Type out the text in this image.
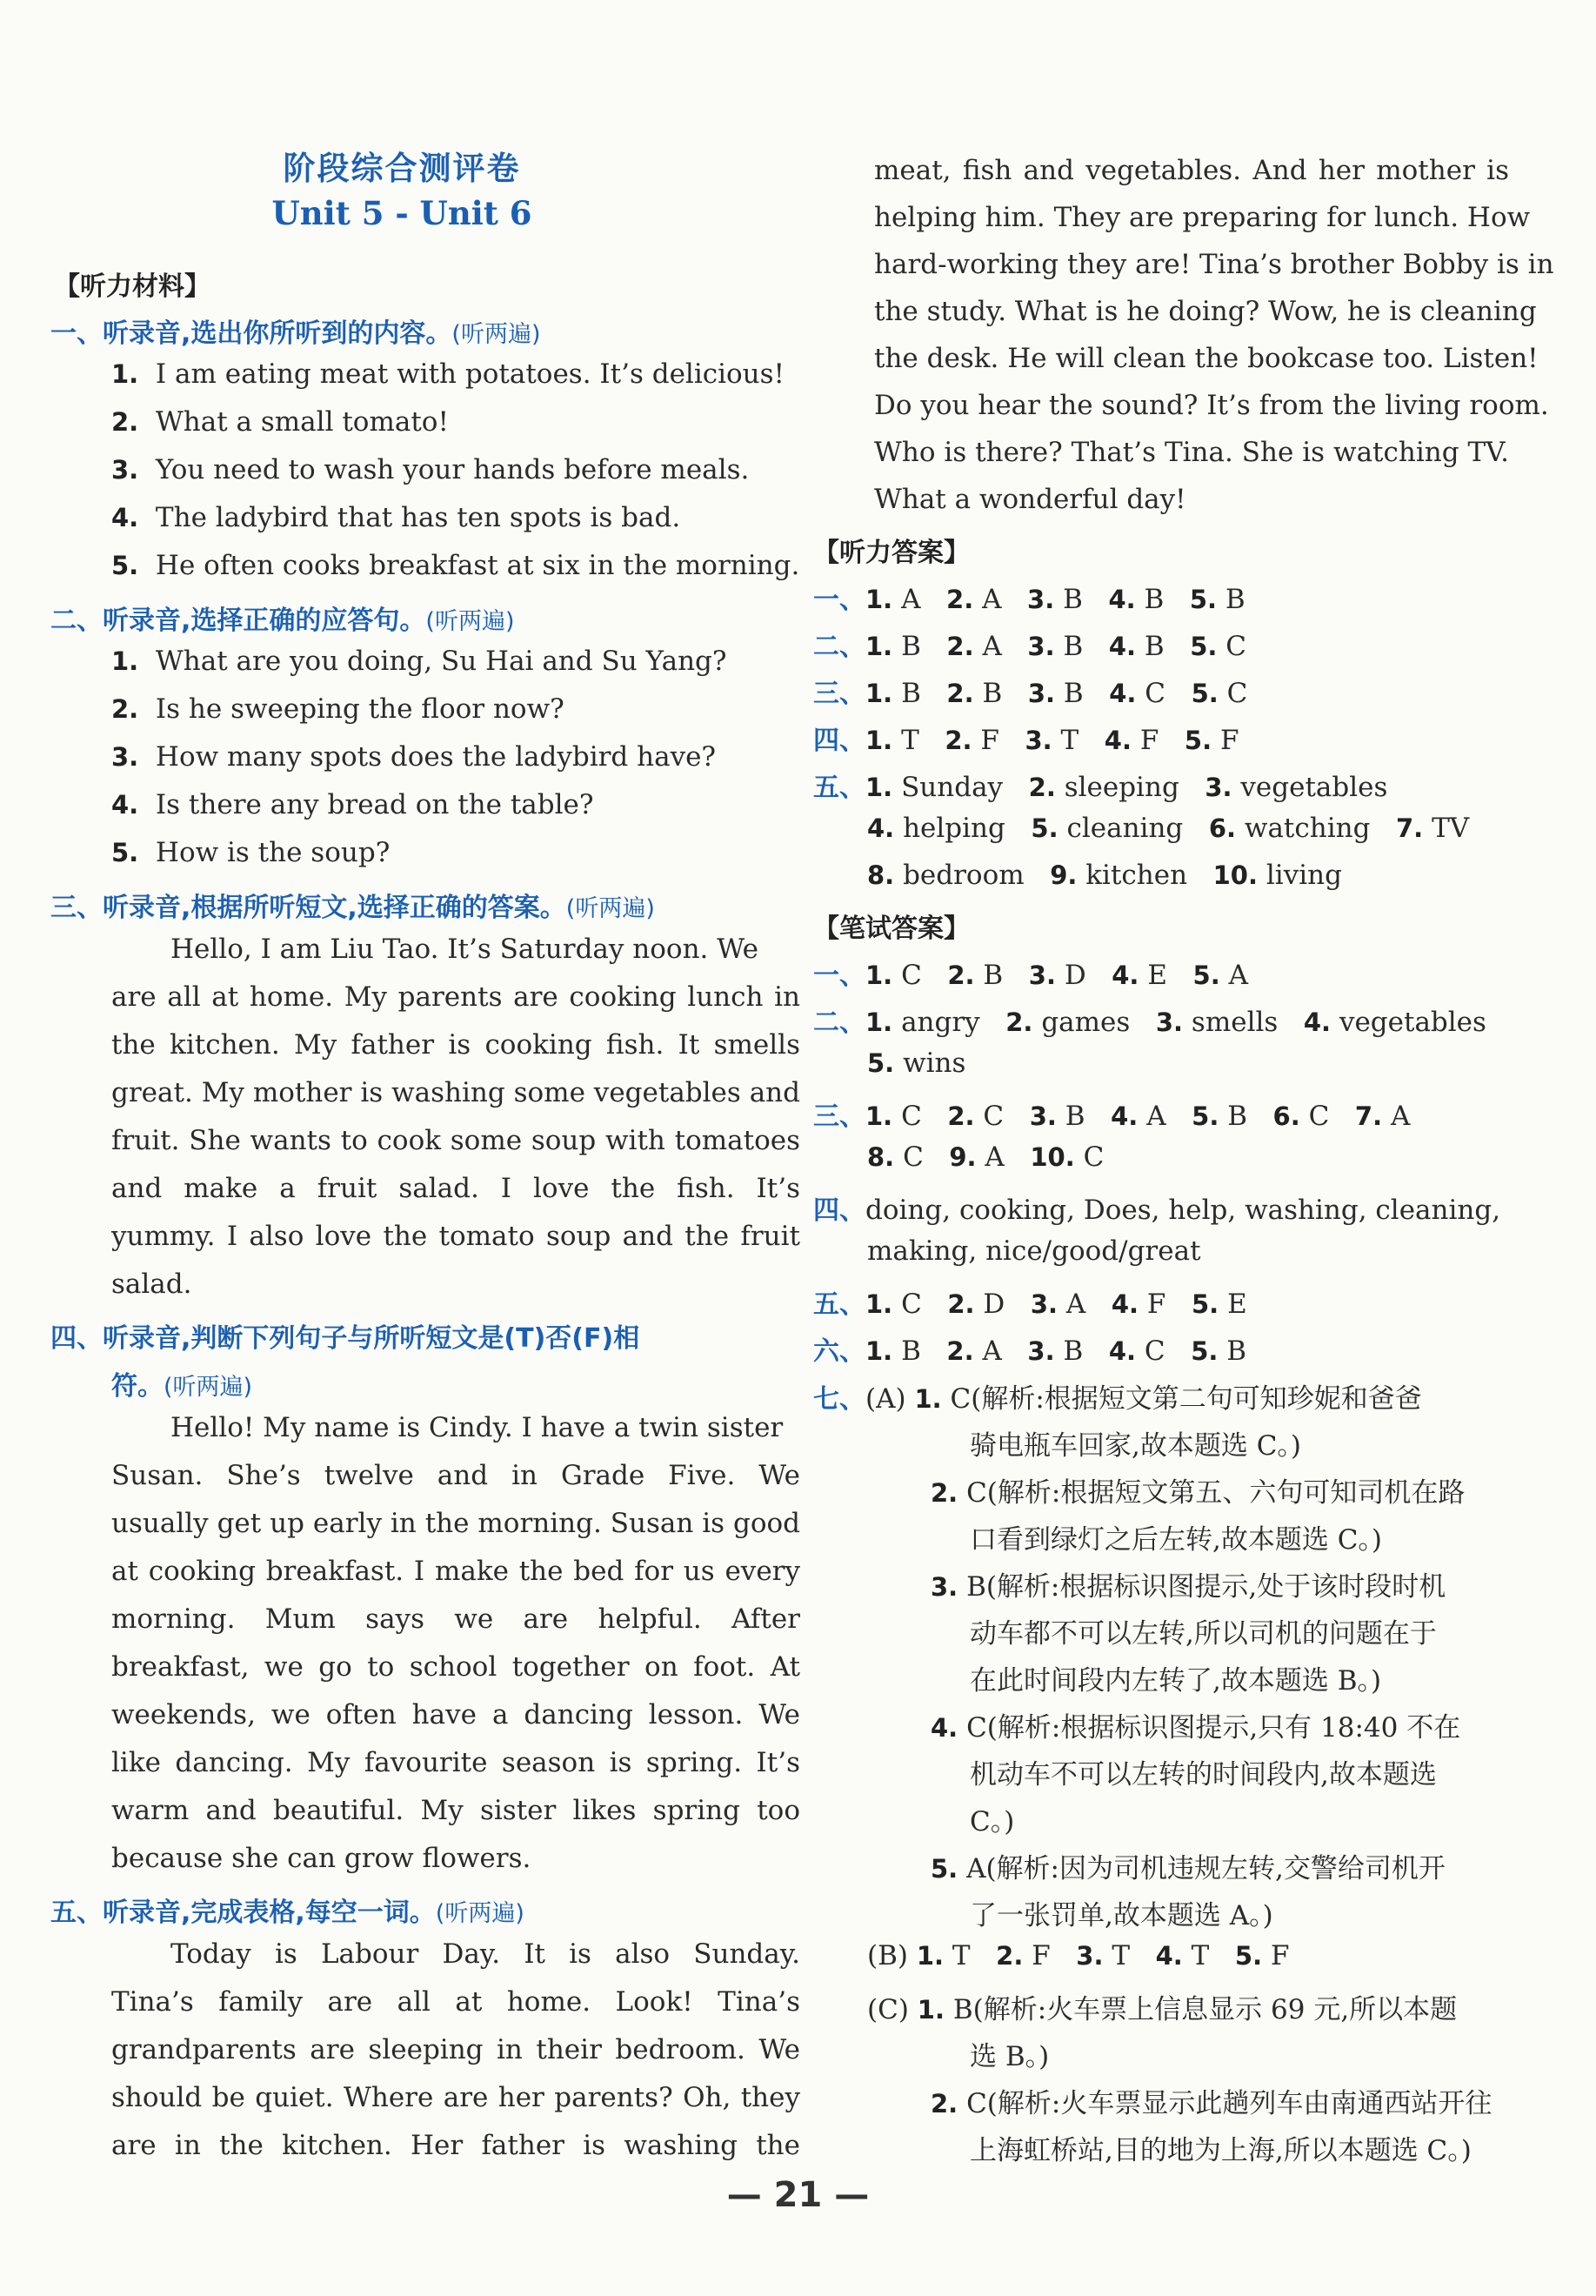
阶段综合测评卷
Unit 5 - Unit 6
【听力材料】
一、听录音,选出你所听到的内容。(听两遍)
1. I am eating meat with potatoes. It’s delicious!
2. What a small tomato!
3. You need to wash your hands before meals.
4. The ladybird that has ten spots is bad.
5. He often cooks breakfast at six in the morning.
二、听录音,选择正确的应答句。(听两遍)
1. What are you doing, Su Hai and Su Yang?
2. Is he sweeping the floor now?
3. How many spots does the ladybird have?
4. Is there any bread on the table?
5. How is the soup?
三、听录音,根据所听短文,选择正确的答案。(听两遍)
Hello, I am Liu Tao. It’s Saturday noon. We
are all at home. My parents are cooking lunch in
the kitchen. My father is cooking fish. It smells
great. My mother is washing some vegetables and
fruit. She wants to cook some soup with tomatoes
and make a fruit salad. I love the fish. It’s
yummy. I also love the tomato soup and the fruit
salad.
四、听录音,判断下列句子与所听短文是(T)否(F)相
符。(听两遍)
Hello! My name is Cindy. I have a twin sister
Susan. She’s twelve and in Grade Five. We
usually get up early in the morning. Susan is good
at cooking breakfast. I make the bed for us every
morning. Mum says we are helpful. After
breakfast, we go to school together on foot. At
weekends, we often have a dancing lesson. We
like dancing. My favourite season is spring. It’s
warm and beautiful. My sister likes spring too
because she can grow flowers.
五、听录音,完成表格,每空一词。(听两遍)
Today is Labour Day. It is also Sunday.
Tina’s family are all at home. Look! Tina’s
grandparents are sleeping in their bedroom. We
should be quiet. Where are her parents? Oh, they
are in the kitchen. Her father is washing the
meat, fish and vegetables. And her mother is
helping him. They are preparing for lunch. How
hard-working they are! Tina’s brother Bobby is in
the study. What is he doing? Wow, he is cleaning
the desk. He will clean the bookcase too. Listen!
Do you hear the sound? It’s from the living room.
Who is there? That’s Tina. She is watching TV.
What a wonderful day!
【听力答案】
一、1. A 2. A 3. B 4. B 5. B
二、1. B 2. A 3. B 4. B 5. C
三、1. B 2. B 3. B 4. C 5. C
四、1. T 2. F 3. T 4. F 5. F
五、1. Sunday 2. sleeping 3. vegetables
4. helping 5. cleaning 6. watching 7. TV
8. bedroom 9. kitchen 10. living
【笔试答案】
一、1. C 2. B 3. D 4. E 5. A
二、1. angry 2. games 3. smells 4. vegetables
5. wins
三、1. C 2. C 3. B 4. A 5. B 6. C 7. A
8. C 9. A 10. C
四、doing, cooking, Does, help, washing, cleaning,
making, nice/good/great
五、1. C 2. D 3. A 4. F 5. E
六、1. B 2. A 3. B 4. C 5. B
七、(A) 1. C(解析:根据短文第二句可知珍妮和爸爸
骑电瓶车回家,故本题选 C。)
2. C(解析:根据短文第五、六句可知司机在路
口看到绿灯之后左转,故本题选 C。)
3. B(解析:根据标识图提示,处于该时段时机
动车都不可以左转,所以司机的问题在于
在此时间段内左转了,故本题选 B。)
4. C(解析:根据标识图提示,只有 18:40 不在
机动车不可以左转的时间段内,故本题选
C。)
5. A(解析:因为司机违规左转,交警给司机开
了一张罚单,故本题选 A。)
(B) 1. T 2. F 3. T 4. T 5. F
(C) 1. B(解析:火车票上信息显示 69 元,所以本题
选 B。)
2. C(解析:火车票显示此趟列车由南通西站开往
上海虹桥站,目的地为上海,所以本题选 C。)
— 21 —
